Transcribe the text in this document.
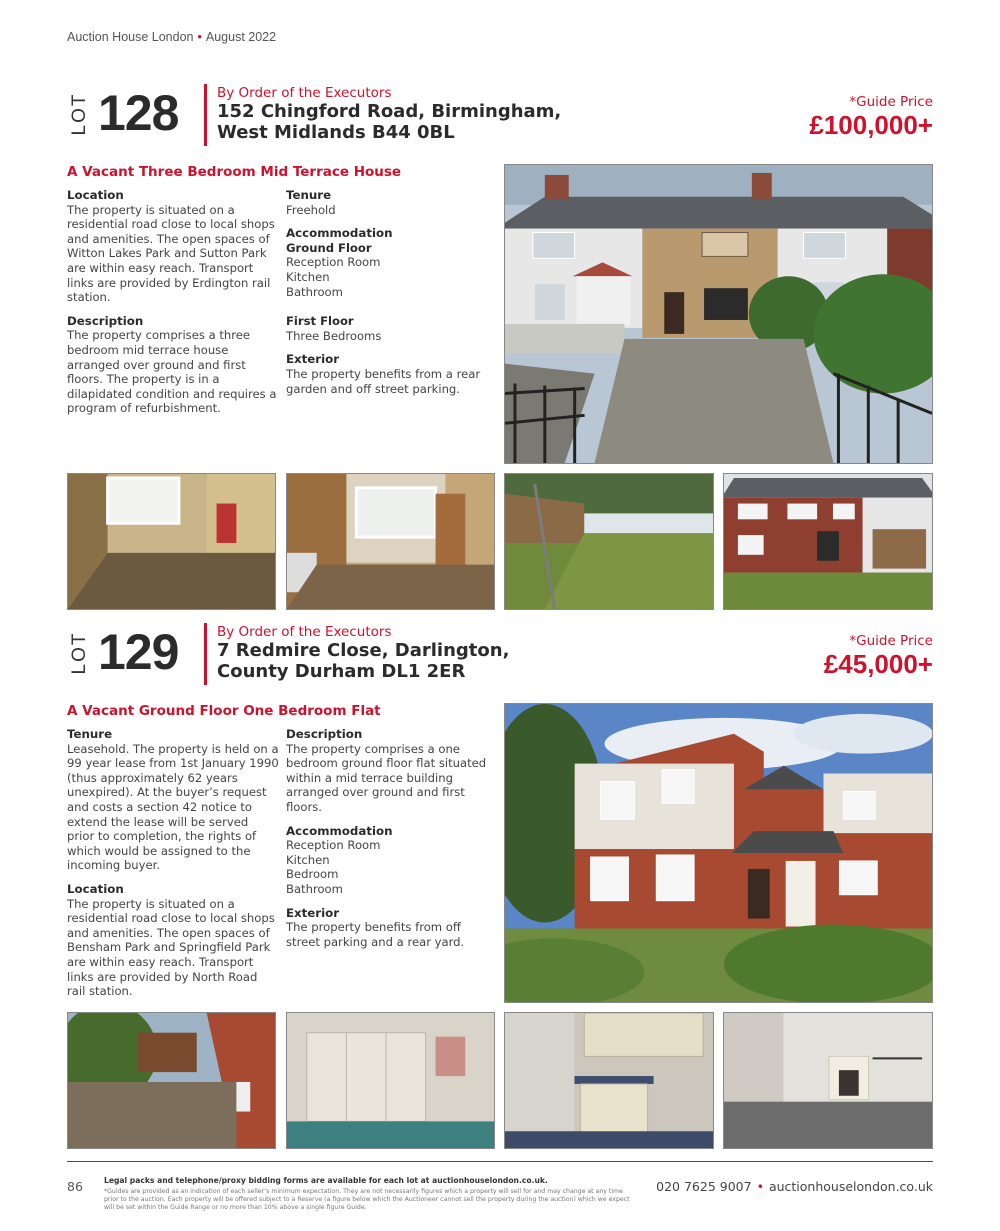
Auction House London • August 2022
LOT 128	By Order of the Executors
152 Chingford Road, Birmingham,
West Midlands B44 0BL
*Guide Price
£100,000+
A Vacant Three Bedroom Mid Terrace House
Location

The property is situated on a residential road close to local shops and amenities. The open spaces of Witton Lakes Park and Sutton Park are within easy reach. Transport links are provided by Erdington rail station.

Description

The property comprises a three bedroom mid terrace house arranged over ground and first floors. The property is in a dilapidated condition and requires a program of refurbishment.

Tenure

Freehold

Accommodation
Ground Floor
Reception Room
Kitchen
Bathroom
First Floor
Three Bedrooms
Exterior

The property benefits from a rear garden and off street parking.

LOT 129	By Order of the Executors
7 Redmire Close, Darlington,
County Durham DL1 2ER
*Guide Price
£45,000+
A Vacant Ground Floor One Bedroom Flat
Tenure

Leasehold. The property is held on a 99 year lease from 1st January 1990 (thus approximately 62 years unexpired). At the buyer’s request and costs a section 42 notice to extend the lease will be served prior to completion, the rights of which would be assigned to the incoming buyer.

Location

The property is situated on a residential road close to local shops and amenities. The open spaces of Bensham Park and Springfield Park are within easy reach. Transport links are provided by North Road rail station.

Description

The property comprises a one bedroom ground floor flat situated within a mid terrace building arranged over ground and first floors.

Accommodation
Reception Room
Kitchen
Bedroom
Bathroom
Exterior

The property benefits from off street parking and a rear yard.

86	Legal packs and telephone/proxy bidding forms are available for each lot at auctionhouselondon.co.uk.
*Guides are provided as an indication of each seller’s minimum expectation. They are not necessarily figures which a property will sell for and may change at any time prior to the auction. Each property will be offered subject to a Reserve (a figure below which the Auctioneer cannot sell the property during the auction) which we expect will be set within the Guide Range or no more than 10% above a single figure Guide.
020 7625 9007 • auctionhouselondon.co.uk
